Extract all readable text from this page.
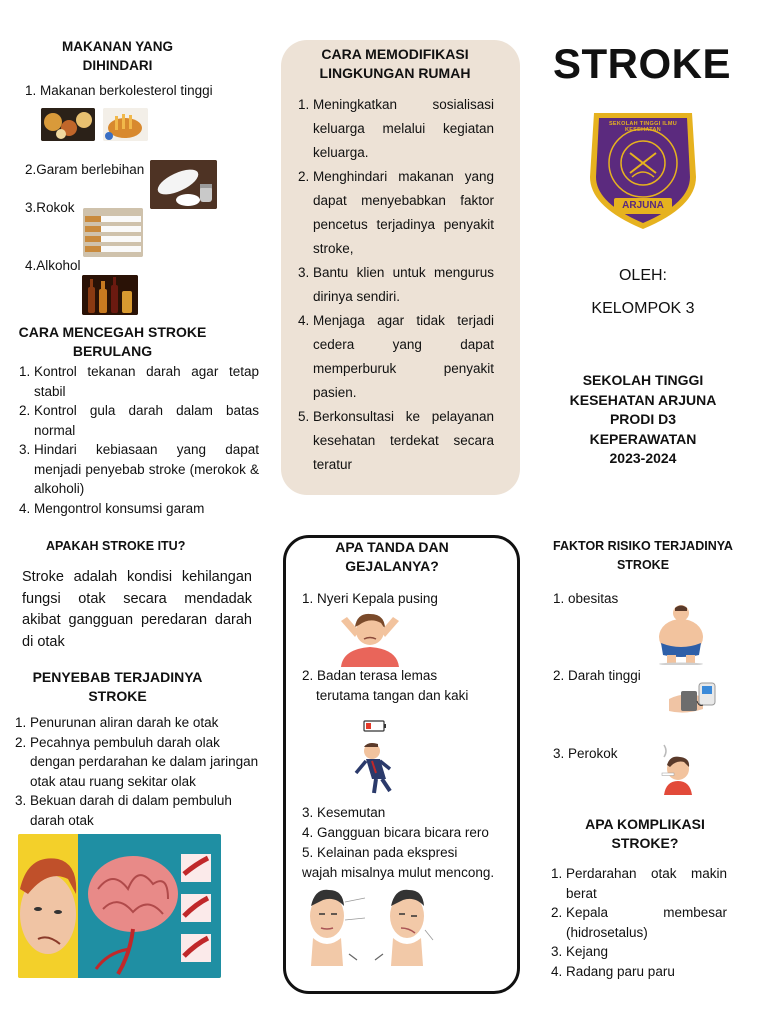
MAKANAN YANG DIHINDARI
1. Makanan berkolesterol tinggi
2.Garam berlebihan
3.Rokok
4.Alkohol
CARA MENCEGAH STROKE BERULANG
1. Kontrol tekanan darah agar tetap stabil
2. Kontrol gula darah dalam batas normal
3. Hindari kebiasaan yang dapat menjadi penyebab stroke (merokok & alkoholi)
4. Mengontrol konsumsi garam
APAKAH STROKE ITU?
Stroke adalah kondisi kehilangan fungsi otak secara mendadak akibat gangguan peredaran darah di otak
PENYEBAB TERJADINYA STROKE
1. Penurunan aliran darah ke otak
2. Pecahnya pembuluh darah olak dengan perdarahan ke dalam jaringan otak atau ruang sekitar olak
3. Bekuan darah di dalam pembuluh darah otak
CARA MEMODIFIKASI LINGKUNGAN RUMAH
1. Meningkatkan sosialisasi keluarga melalui kegiatan keluarga.
2. Menghindari makanan yang dapat menyebabkan faktor pencetus terjadinya penyakit stroke,
3. Bantu klien untuk mengurus dirinya sendiri.
4. Menjaga agar tidak terjadi cedera yang dapat memperburuk penyakit pasien.
5. Berkonsultasi ke pelayanan kesehatan terdekat secara teratur
APA TANDA DAN GEJALANYA?
1. Nyeri Kepala pusing
2. Badan terasa lemas
terutama tangan dan kaki
3. Kesemutan
4. Gangguan bicara bicara rero
5. Kelainan pada ekspresi
wajah misalnya mulut mencong.
STROKE
SEKOLAH TINGGI ILMU KESEHATAN
ARJUNA
OLEH:
KELOMPOK 3
SEKOLAH TINGGI
KESEHATAN ARJUNA
PRODI D3
KEPERAWATAN
2023-2024
FAKTOR RISIKO TERJADINYA STROKE
1. obesitas
2. Darah tinggi
3. Perokok
APA KOMPLIKASI STROKE?
1. Perdarahan otak makin berat
2. Kepala membesar (hidrosetalus)
3. Kejang
4. Radang paru paru
